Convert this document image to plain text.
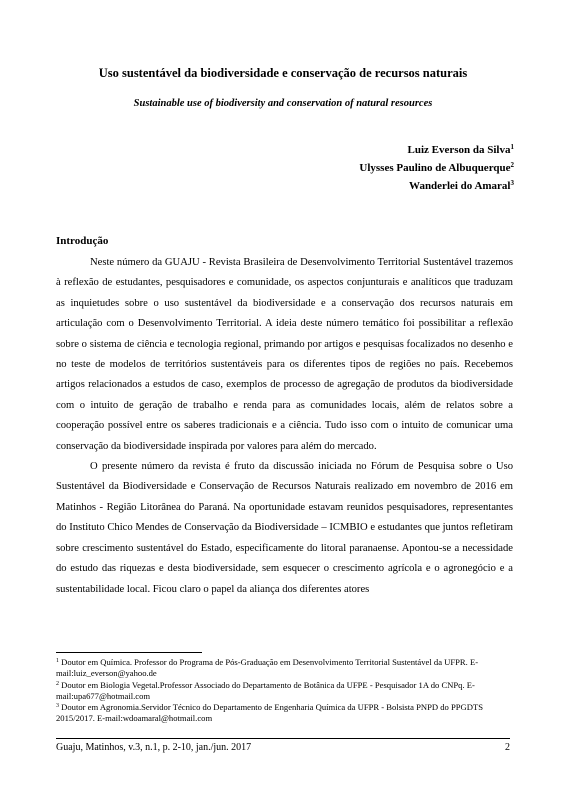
Uso sustentável da biodiversidade e conservação de recursos naturais
Sustainable use of biodiversity and conservation of natural resources
Luiz Everson da Silva$^1$
Ulysses Paulino de Albuquerque$^2$
Wanderlei do Amaral$^3$
Introdução

Neste número da GUAJU - Revista Brasileira de Desenvolvimento Territorial Sustentável trazemos à reflexão de estudantes, pesquisadores e comunidade, os aspectos conjunturais e analíticos que traduzam as inquietudes sobre o uso sustentável da biodiversidade e a conservação dos recursos naturais em articulação com o Desenvolvimento Territorial. A ideia deste número temático foi possibilitar a reflexão sobre o sistema de ciência e tecnologia regional, primando por artigos e pesquisas focalizados no desenho e no teste de modelos de territórios sustentáveis para os diferentes tipos de regiões no país. Recebemos artigos relacionados a estudos de caso, exemplos de processo de agregação de produtos da biodiversidade com o intuito de geração de trabalho e renda para as comunidades locais, além de relatos sobre a cooperação possível entre os saberes tradicionais e a ciência. Tudo isso com o intuito de comunicar uma conservação da biodiversidade inspirada por valores para além do mercado.

O presente número da revista é fruto da discussão iniciada no Fórum de Pesquisa sobre o Uso Sustentável da Biodiversidade e Conservação de Recursos Naturais realizado em novembro de 2016 em Matinhos - Região Litorânea do Paraná. Na oportunidade estavam reunidos pesquisadores, representantes do Instituto Chico Mendes de Conservação da Biodiversidade – ICMBIO e estudantes que juntos refletiram sobre crescimento sustentável do Estado, especificamente do litoral paranaense. Apontou-se a necessidade do estudo das riquezas e desta biodiversidade, sem esquecer o crescimento agrícola e o agronegócio e a sustentabilidade local. Ficou claro o papel da aliança dos diferentes atores

$^1$ Doutor em Química. Professor do Programa de Pós-Graduação em Desenvolvimento Territorial Sustentável da UFPR. E-mail:luiz_everson@yahoo.de
$^2$ Doutor em Biologia Vegetal.Professor Associado do Departamento de Botânica da UFPE - Pesquisador 1A do CNPq. E-mail:upa677@hotmail.com
$^3$ Doutor em Agronomia.Servidor Técnico do Departamento de Engenharia Química da UFPR - Bolsista PNPD do PPGDTS 2015/2017. E-mail:wdoamaral@hotmail.com
Guaju, Matinhos, v.3, n.1, p. 2-10, jan./jun. 2017	2
